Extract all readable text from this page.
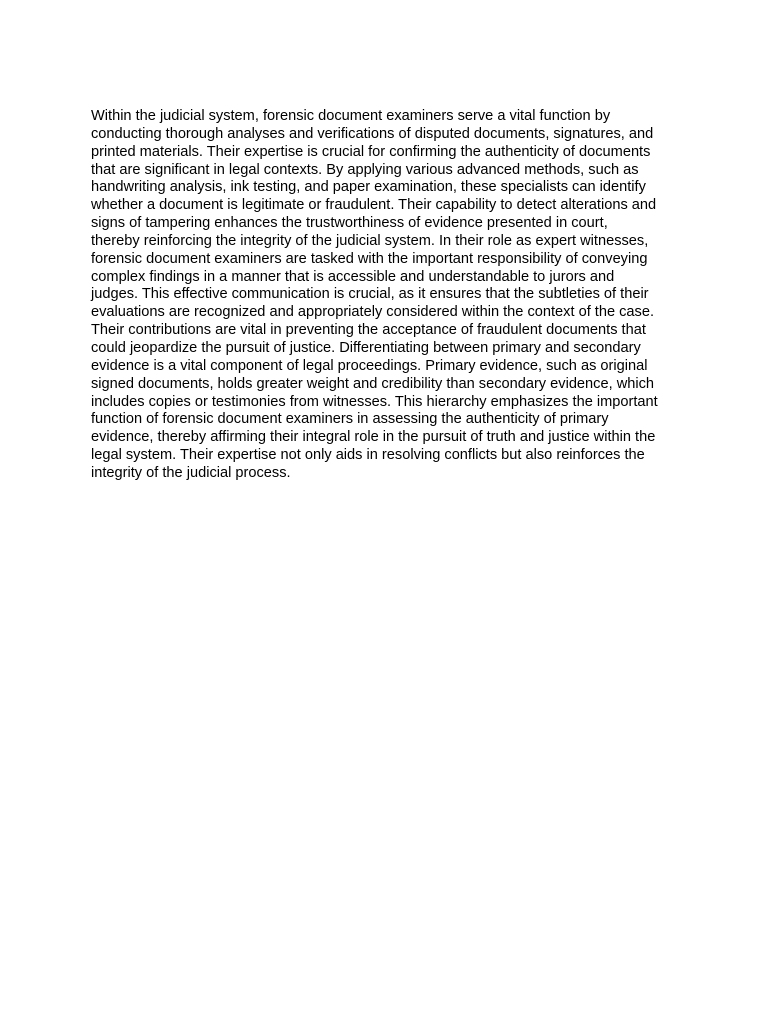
Within the judicial system, forensic document examiners serve a vital function by
conducting thorough analyses and verifications of disputed documents, signatures, and
printed materials. Their expertise is crucial for confirming the authenticity of documents
that are significant in legal contexts. By applying various advanced methods, such as
handwriting analysis, ink testing, and paper examination, these specialists can identify
whether a document is legitimate or fraudulent. Their capability to detect alterations and
signs of tampering enhances the trustworthiness of evidence presented in court,
thereby reinforcing the integrity of the judicial system. In their role as expert witnesses,
forensic document examiners are tasked with the important responsibility of conveying
complex findings in a manner that is accessible and understandable to jurors and
judges. This effective communication is crucial, as it ensures that the subtleties of their
evaluations are recognized and appropriately considered within the context of the case.
Their contributions are vital in preventing the acceptance of fraudulent documents that
could jeopardize the pursuit of justice. Differentiating between primary and secondary
evidence is a vital component of legal proceedings. Primary evidence, such as original
signed documents, holds greater weight and credibility than secondary evidence, which
includes copies or testimonies from witnesses. This hierarchy emphasizes the important
function of forensic document examiners in assessing the authenticity of primary
evidence, thereby affirming their integral role in the pursuit of truth and justice within the
legal system. Their expertise not only aids in resolving conflicts but also reinforces the
integrity of the judicial process.
